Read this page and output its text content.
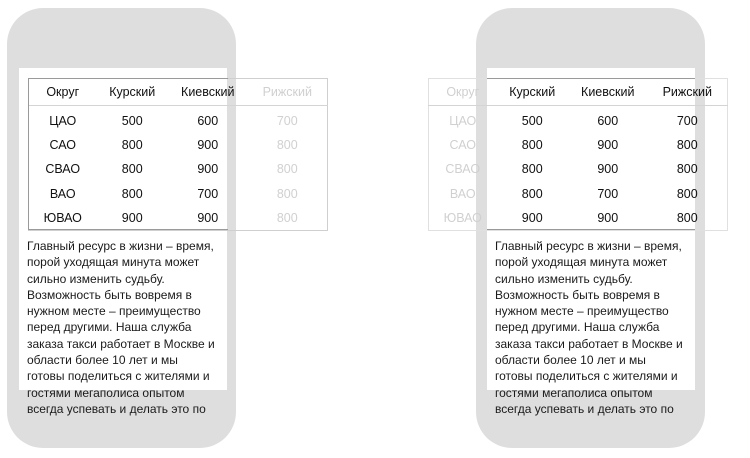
Округ	Курский	Киевский	Рижский

ЦАО	500	600	700
САО	800	900	800
СВАО	800	900	800
ВАО	800	700	800
ЮВАО	900	900	800
Округ	Курский	Киевский	Рижский

ЦАО	500	600	700
САО	800	900	800
СВАО	800	900	800
ВАО	800	700	800
ЮВАО	900	900	800
Главный ресурс в жизни – время, порой уходящая минута может сильно изменить судьбу. Возможность быть вовремя в нужном месте – преимущество перед другими. Наша служба заказа такси работает в Москве и области более 10 лет и мы готовы поделиться с жителями и гостями мегаполиса опытом всегда успевать и делать это по
Главный ресурс в жизни – время, порой уходящая минута может сильно изменить судьбу. Возможность быть вовремя в нужном месте – преимущество перед другими. Наша служба заказа такси работает в Москве и области более 10 лет и мы готовы поделиться с жителями и гостями мегаполиса опытом всегда успевать и делать это по
